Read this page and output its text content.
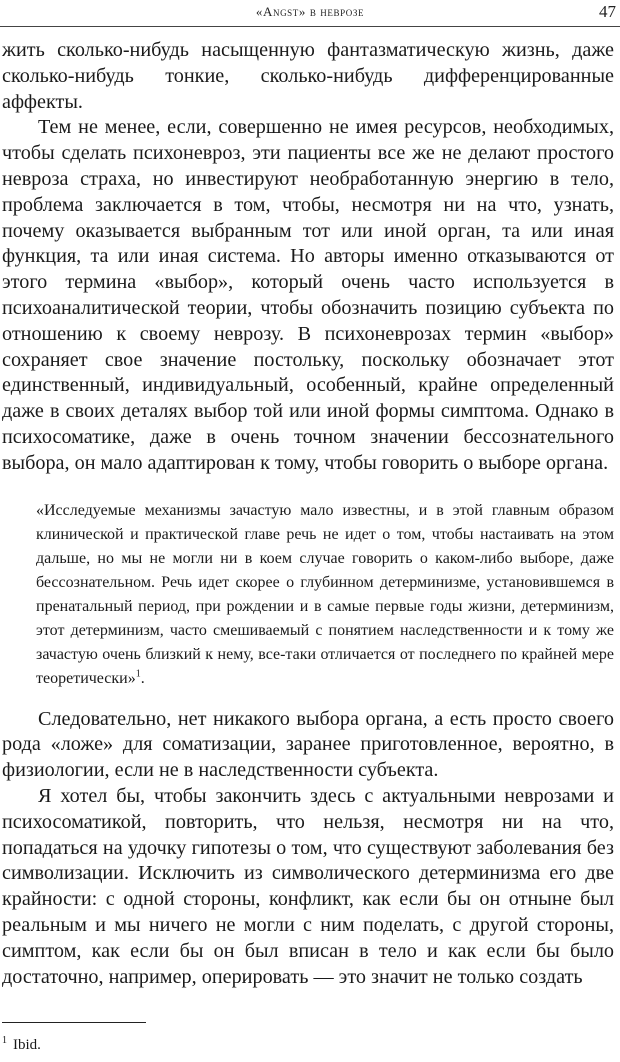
«Angst» в неврозе	47

жить сколько-нибудь насыщенную фантазматическую жизнь, даже сколько-нибудь тонкие, сколько-нибудь дифференцированные аффекты.

Тем не менее, если, совершенно не имея ресурсов, необходимых, чтобы сделать психоневроз, эти пациенты все же не делают простого невроза страха, но инвестируют необработанную энергию в тело, проблема заключается в том, чтобы, несмотря ни на что, узнать, почему оказывается выбранным тот или иной орган, та или иная функция, та или иная система. Но авторы именно отказываются от этого термина «выбор», который очень часто используется в психоаналитической теории, чтобы обозначить позицию субъекта по отношению к своему неврозу. В психоневрозах термин «выбор» сохраняет свое значение постольку, поскольку обозначает этот единственный, индивидуальный, особенный, крайне определенный даже в своих деталях выбор той или иной формы симптома. Однако в психосоматике, даже в очень точном значении бессознательного выбора, он мало адаптирован к тому, чтобы говорить о выборе органа.

«Исследуемые механизмы зачастую мало известны, и в этой главным образом клинической и практической главе речь не идет о том, чтобы настаивать на этом дальше, но мы не могли ни в коем случае говорить о каком-либо выборе, даже бессознательном. Речь идет скорее о глубинном детерминизме, установившемся в пренатальный период, при рождении и в самые первые годы жизни, детерминизм, этот детерминизм, часто смешиваемый с понятием наследственности и к тому же зачастую очень близкий к нему, все-таки отличается от последнего по крайней мере теоретически»$^1$.

Следовательно, нет никакого выбора органа, а есть просто своего рода «ложе» для соматизации, заранее приготовленное, вероятно, в физиологии, если не в наследственности субъекта.

Я хотел бы, чтобы закончить здесь с актуальными неврозами и психосоматикой, повторить, что нельзя, несмотря ни на что, попадаться на удочку гипотезы о том, что существуют заболевания без символизации. Исключить из символического детерминизма его две крайности: с одной стороны, конфликт, как если бы он отныне был реальным и мы ничего не могли с ним поделать, с другой стороны, симптом, как если бы он был вписан в тело и как если бы было достаточно, например, оперировать — это значит не только создать

$^1$ Ibid.
